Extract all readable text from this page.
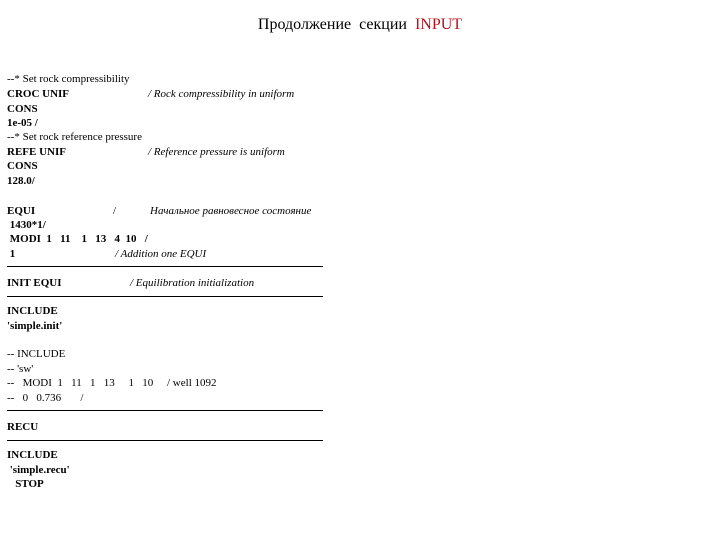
Продолжение  секции  INPUT
--* Set rock compressibility
CROC UNIF	/ Rock compressibility in uniform
CONS
1e-05 /
--* Set rock reference pressure
REFE UNIF	/ Reference pressure is uniform
CONS
128.0/
EQUI	/	Начальное равновесное состояние
1430*1/
MODI  1   11    1   13   4  10   /
1	/ Addition one EQUI
INIT EQUI	/ Equilibration initialization
INCLUDE
'simple.init'
-- INCLUDE
-- 'sw'
--   MODI  1   11   1   13     1   10     / well 1092
--   0   0.736       /
RECU
INCLUDE
'simple.recu'
STOP
